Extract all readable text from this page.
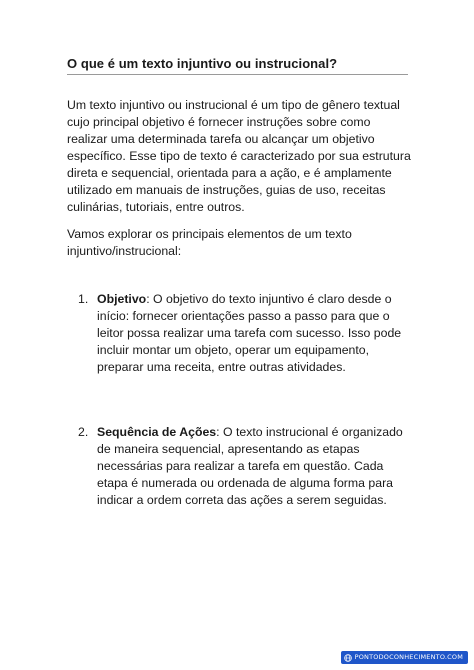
O que é um texto injuntivo ou instrucional?

Um texto injuntivo ou instrucional é um tipo de gênero textual cujo principal objetivo é fornecer instruções sobre como realizar uma determinada tarefa ou alcançar um objetivo específico. Esse tipo de texto é caracterizado por sua estrutura direta e sequencial, orientada para a ação, e é amplamente utilizado em manuais de instruções, guias de uso, receitas culinárias, tutoriais, entre outros.

Vamos explorar os principais elementos de um texto injuntivo/instrucional:

1. Objetivo: O objetivo do texto injuntivo é claro desde o início: fornecer orientações passo a passo para que o leitor possa realizar uma tarefa com sucesso. Isso pode incluir montar um objeto, operar um equipamento, preparar uma receita, entre outras atividades.
2. Sequência de Ações: O texto instrucional é organizado de maneira sequencial, apresentando as etapas necessárias para realizar a tarefa em questão. Cada etapa é numerada ou ordenada de alguma forma para indicar a ordem correta das ações a serem seguidas.
PONTODOCONHECIMENTO.COM
